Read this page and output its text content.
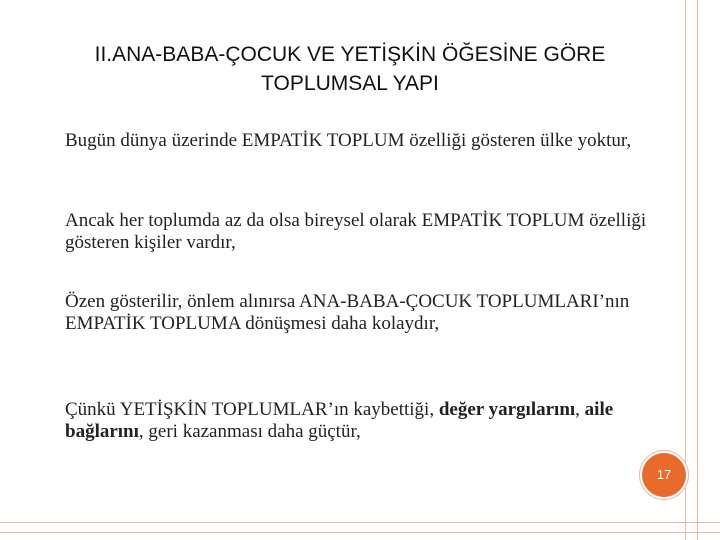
II.ANA-BABA-ÇOCUK VE YETİŞKİN ÖĞESİNE GÖRE
TOPLUMSAL YAPI
Bugün dünya üzerinde EMPATİK TOPLUM özelliği gösteren ülke yoktur,
Ancak her toplumda az da olsa bireysel olarak EMPATİK TOPLUM özelliği gösteren kişiler vardır,
Özen gösterilir, önlem alınırsa ANA-BABA-ÇOCUK TOPLUMLARI’nın EMPATİK TOPLUMA dönüşmesi daha kolaydır,
Çünkü YETİŞKİN TOPLUMLAR’ın kaybettiği, değer yargılarını, aile bağlarını, geri kazanması daha güçtür,
17
